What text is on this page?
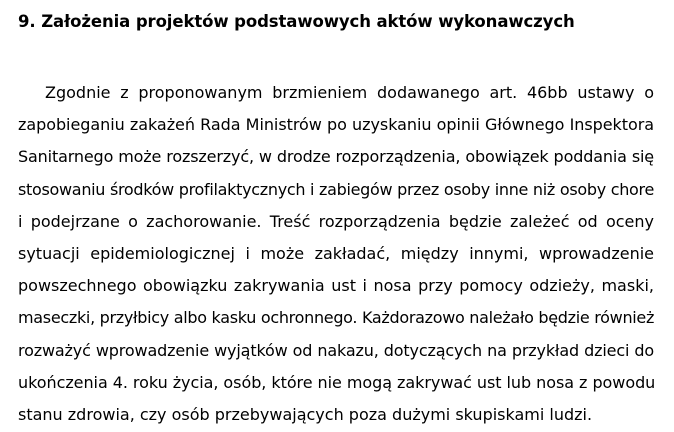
9. Założenia projektów podstawowych aktów wykonawczych
Zgodnie z proponowanym brzmieniem dodawanego art. 46bb ustawy o
zapobieganiu zakażeń Rada Ministrów po uzyskaniu opinii Głównego Inspektora
Sanitarnego może rozszerzyć, w drodze rozporządzenia, obowiązek poddania się
stosowaniu środków profilaktycznych i zabiegów przez osoby inne niż osoby chore
i podejrzane o zachorowanie. Treść rozporządzenia będzie zależeć od oceny
sytuacji epidemiologicznej i może zakładać, między innymi, wprowadzenie
powszechnego obowiązku zakrywania ust i nosa przy pomocy odzieży, maski,
maseczki, przyłbicy albo kasku ochronnego. Każdorazowo należało będzie również
rozważyć wprowadzenie wyjątków od nakazu, dotyczących na przykład dzieci do
ukończenia 4. roku życia, osób, które nie mogą zakrywać ust lub nosa z powodu
stanu zdrowia, czy osób przebywających poza dużymi skupiskami ludzi.
